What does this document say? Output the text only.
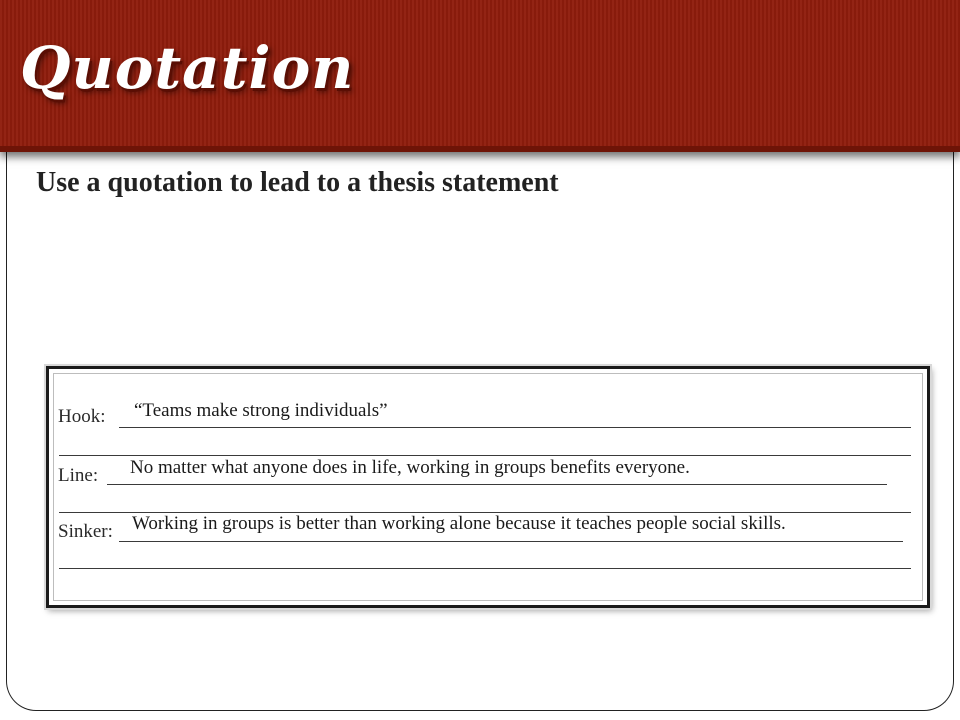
Quotation
Use a quotation to lead to a thesis statement
Hook: “Teams make strong individuals”
Line: No matter what anyone does in life, working in groups benefits everyone.
Sinker: Working in groups is better than working alone because it teaches people social skills.
